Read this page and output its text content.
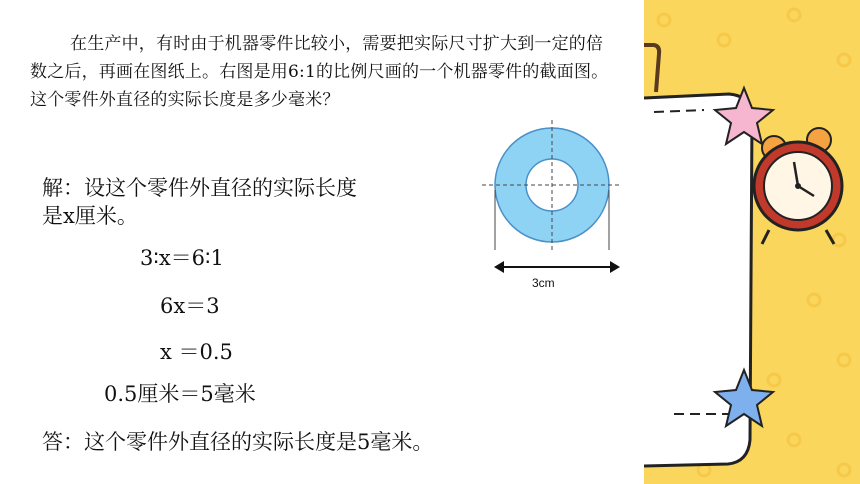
在生产中，有时由于机器零件比较小，需要把实际尺寸扩大到一定的倍数之后，再画在图纸上。右图是用6:1的比例尺画的一个机器零件的截面图。这个零件外直径的实际长度是多少毫米？

3cm
解：设这个零件外直径的实际长度
是x厘米。
3∶x＝6∶1
6x＝3
x ＝0.5
0.5厘米＝5毫米
答：这个零件外直径的实际长度是5毫米。
